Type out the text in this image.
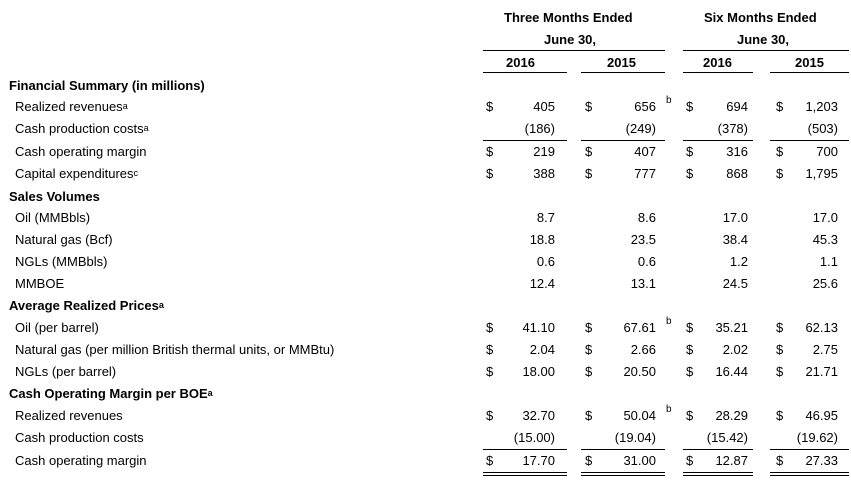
Three Months Ended
June 30,
Six Months Ended
June 30,
2016	2015	2016	2015
Financial Summary (in millions)
Realized revenues$^a$	$	405 $	656 b $	694 $ 1,203
Cash production costs$^a$	(186)	(249)	(378)	(503)
Cash operating margin	$	219 $	407 $	316 $	700
Capital expenditures$^c$	$	388 $	777 $	868 $ 1,795
Sales Volumes
Oil (MMBbls)	8.7	8.6	17.0	17.0
Natural gas (Bcf)	18.8	23.5	38.4	45.3
NGLs (MMBbls)	0.6	0.6	1.2	1.1
MMBOE	12.4	13.1	24.5	25.6
Average Realized Prices$^a$
Oil (per barrel)	$ 41.10 $ 67.61 b $ 35.21 $ 62.13
Natural gas (per million British thermal units, or MMBtu)	$	2.04 $	2.66 $ 2.02 $ 2.75
NGLs (per barrel)	$ 18.00 $ 20.50 $ 16.44 $ 21.71
Cash Operating Margin per BOE$^a$
Realized revenues	$ 32.70 $ 50.04 b $ 28.29 $ 46.95
Cash production costs	(15.00)	(19.04)	(15.42)	(19.62)
Cash operating margin	$ 17.70 $ 31.00 $ 12.87 $ 27.33
